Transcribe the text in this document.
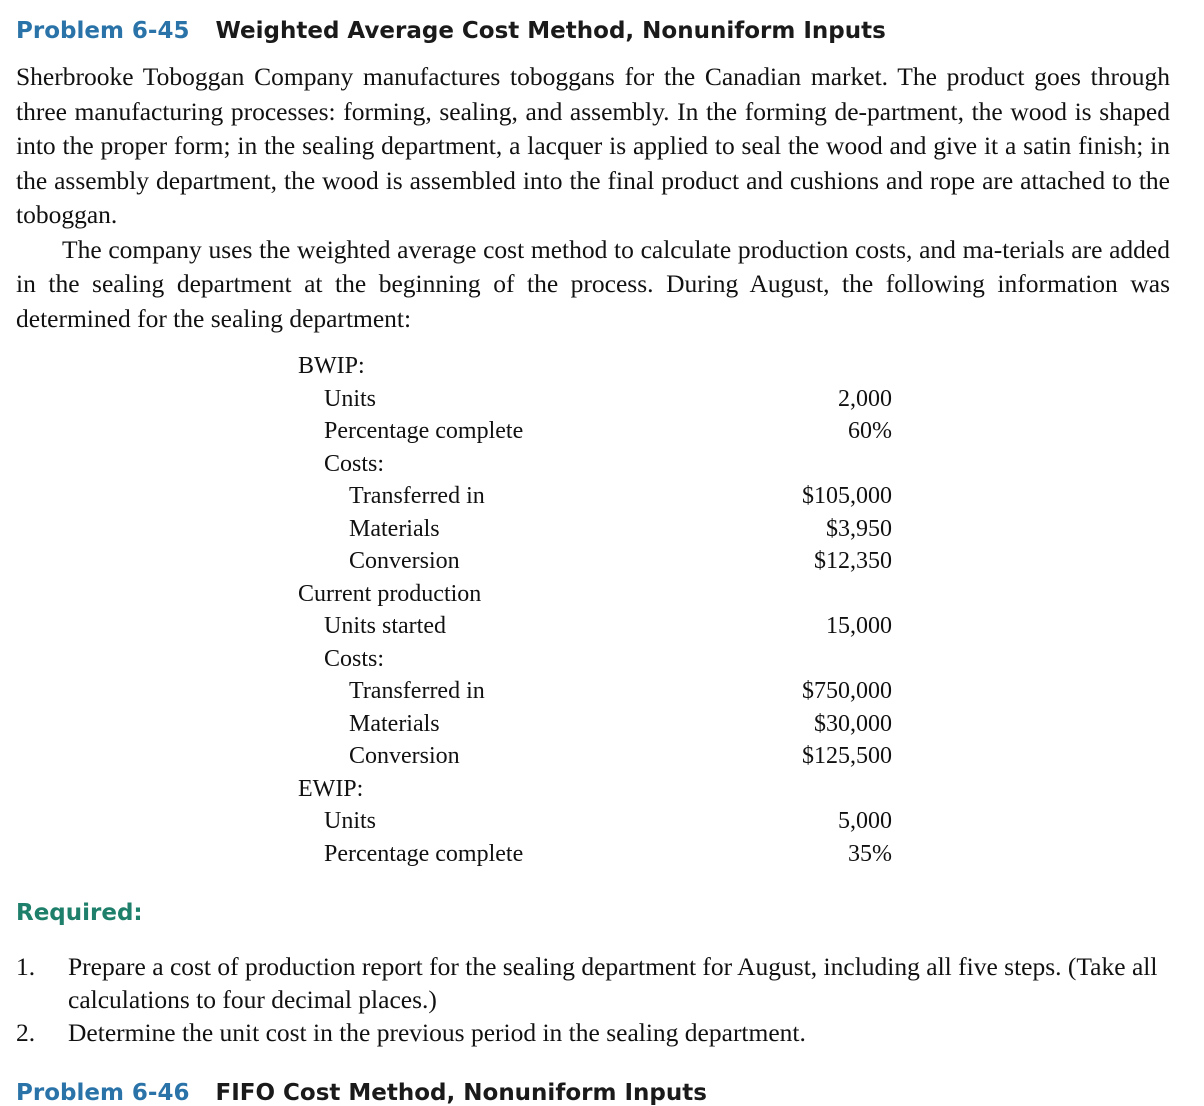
Problem 6-45 Weighted Average Cost Method, Nonuniform Inputs

Sherbrooke Toboggan Company manufactures toboggans for the Canadian market. The product goes through three manufacturing processes: forming, sealing, and assembly. In the forming de-partment, the wood is shaped into the proper form; in the sealing department, a lacquer is applied to seal the wood and give it a satin finish; in the assembly department, the wood is assembled into the final product and cushions and rope are attached to the toboggan.

The company uses the weighted average cost method to calculate production costs, and ma-terials are added in the sealing department at the beginning of the process. During August, the following information was determined for the sealing department:

BWIP:
Units	2,000
Percentage complete	60%
Costs:
Transferred in	$105,000
Materials	$3,950
Conversion	$12,350
Current production
Units started	15,000
Costs:
Transferred in	$750,000
Materials	$30,000
Conversion	$125,500
EWIP:
Units	5,000
Percentage complete	35%
Required:
1. Prepare a cost of production report for the sealing department for August, including all five steps. (Take all calculations to four decimal places.)
2. Determine the unit cost in the previous period in the sealing department.
Problem 6-46 FIFO Cost Method, Nonuniform Inputs
